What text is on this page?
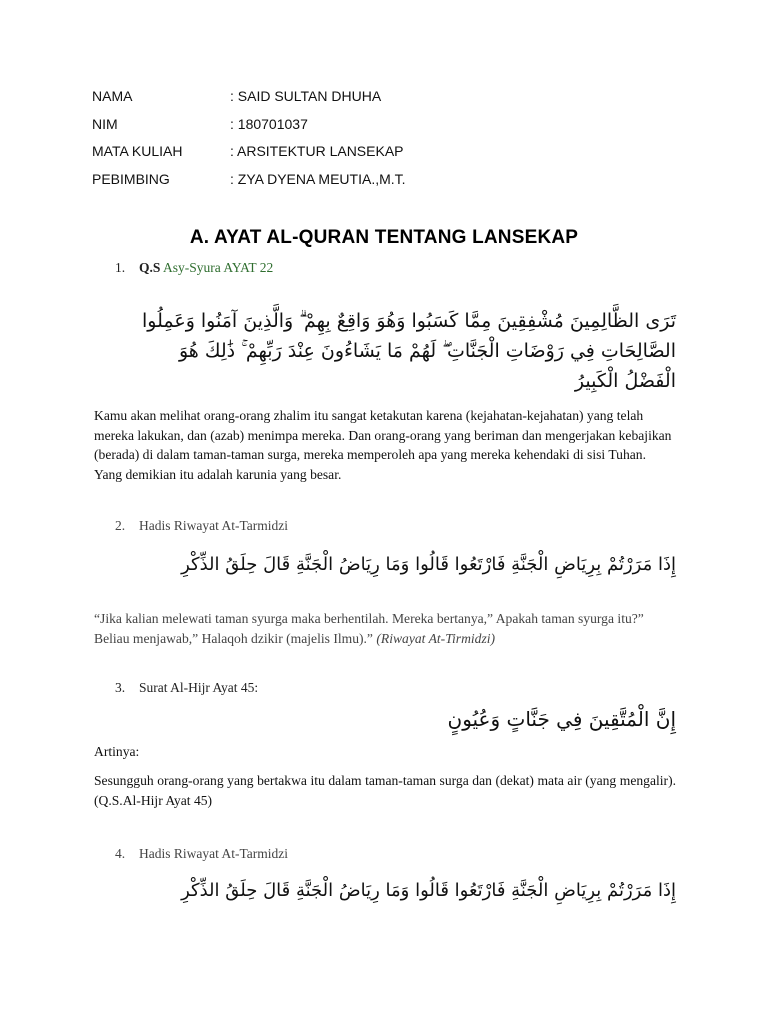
NAMA	: SAID SULTAN DHUHA
NIM	: 180701037
MATA KULIAH	: ARSITEKTUR LANSEKAP
PEBIMBING	: ZYA DYENA MEUTIA.,M.T.
A. AYAT AL-QURAN TENTANG LANSEKAP
1. Q.S Asy-Syura AYAT 22
تَرَى الظَّالِمِينَ مُشْفِقِينَ مِمَّا كَسَبُوا وَهُوَ وَاقِعٌ بِهِمْ ۗ وَالَّذِينَ آمَنُوا وَعَمِلُوا
الصَّالِحَاتِ فِي رَوْضَاتِ الْجَنَّاتِ ۖ لَهُمْ مَا يَشَاءُونَ عِنْدَ رَبِّهِمْ ۚ ذَٰلِكَ هُوَ
الْفَضْلُ الْكَبِيرُ
Kamu akan melihat orang-orang zhalim itu sangat ketakutan karena (kejahatan-kejahatan) yang telah mereka lakukan, dan (azab) menimpa mereka. Dan orang-orang yang beriman dan mengerjakan kebajikan (berada) di dalam taman-taman surga, mereka memperoleh apa yang mereka kehendaki di sisi Tuhan. Yang demikian itu adalah karunia yang besar.
2. Hadis Riwayat At-Tarmidzi
إِذَا مَرَرْتُمْ بِرِيَاضِ الْجَنَّةِ فَارْتَعُوا قَالُوا وَمَا رِيَاضُ الْجَنَّةِ قَالَ حِلَقُ الذِّكْرِ
“Jika kalian melewati taman syurga maka berhentilah. Mereka bertanya,” Apakah taman syurga itu?” Beliau menjawab,” Halaqoh dzikir (majelis Ilmu).” (Riwayat At-Tirmidzi)
3. Surat Al-Hijr Ayat 45:
إِنَّ الْمُتَّقِينَ فِي جَنَّاتٍ وَعُيُونٍ
Artinya:
Sesungguh orang-orang yang bertakwa itu dalam taman-taman surga dan (dekat) mata air (yang mengalir). (Q.S.Al-Hijr Ayat 45)
4. Hadis Riwayat At-Tarmidzi
إِذَا مَرَرْتُمْ بِرِيَاضِ الْجَنَّةِ فَارْتَعُوا قَالُوا وَمَا رِيَاضُ الْجَنَّةِ قَالَ حِلَقُ الذِّكْرِ
